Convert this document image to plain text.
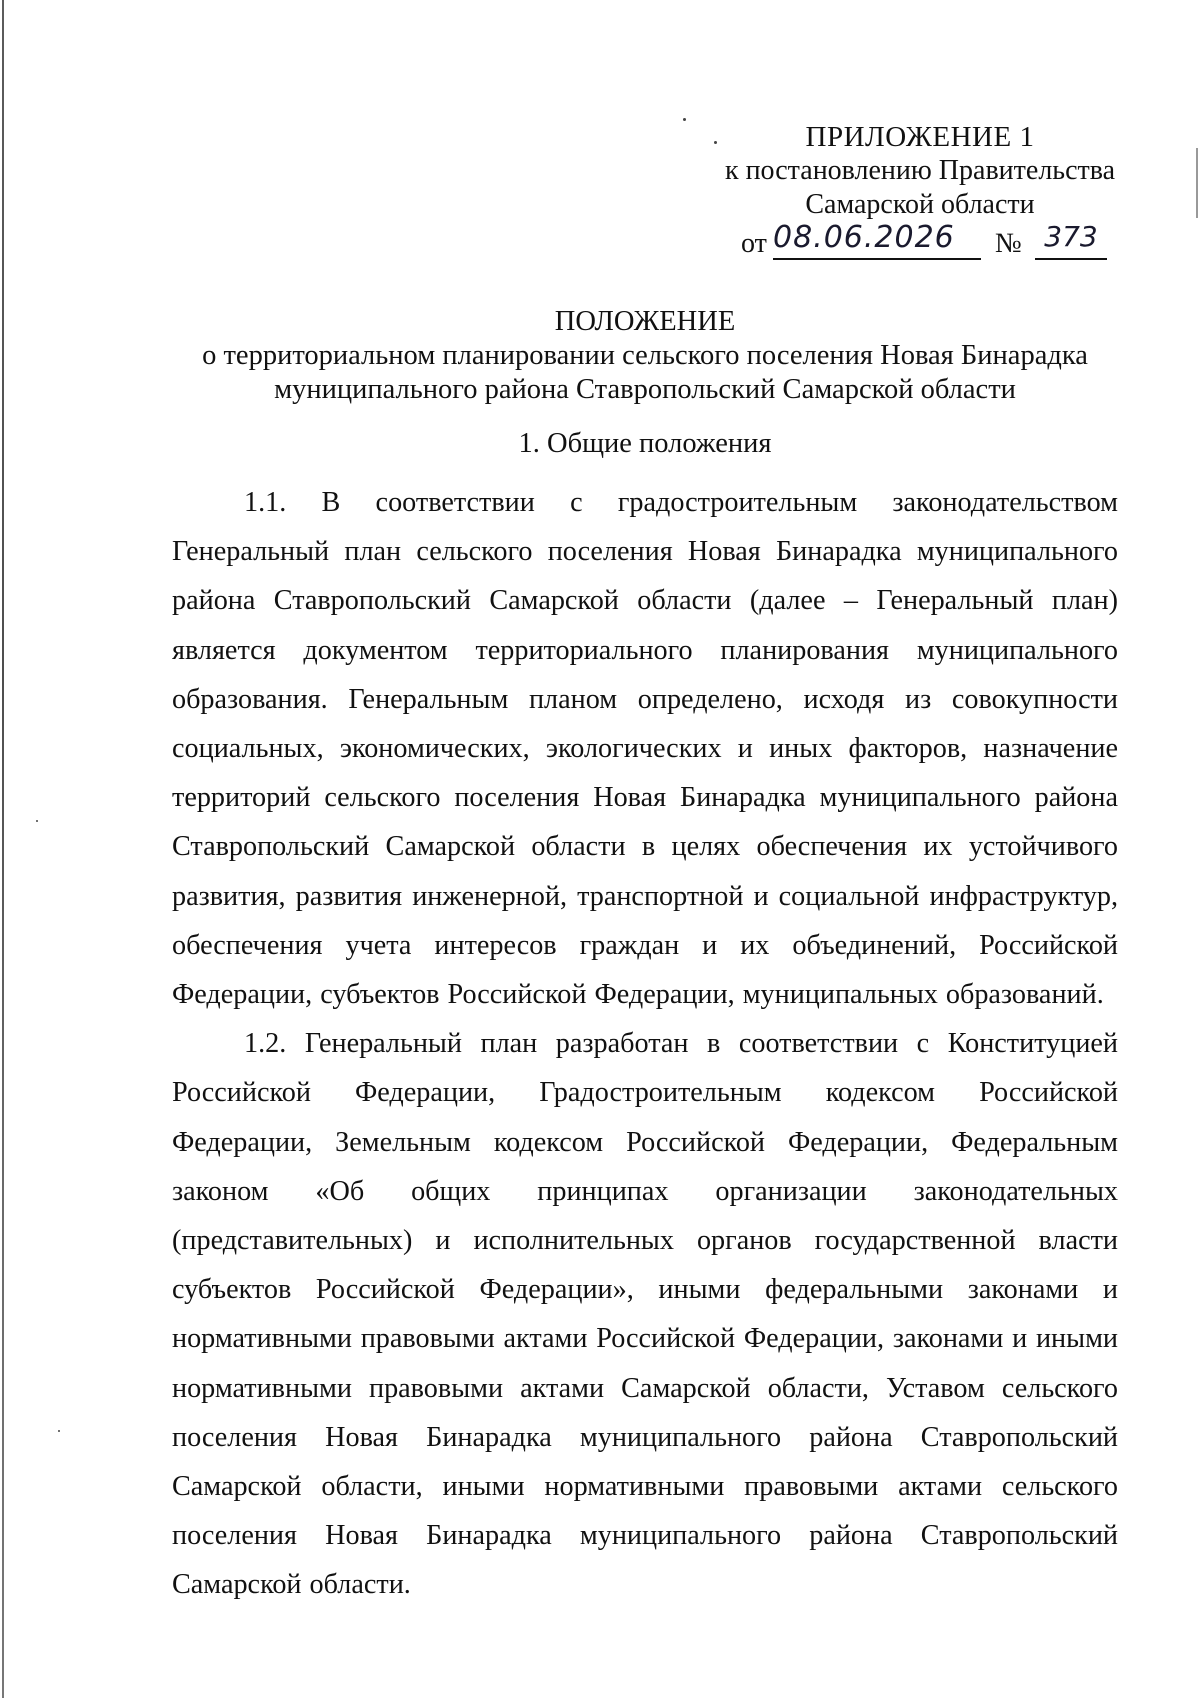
ПРИЛОЖЕНИЕ 1
к постановлению Правительства
Самарской области
от 08.06.2026	№ 373
ПОЛОЖЕНИЕ
о территориальном планировании сельского поселения Новая Бинарадка
муниципального района Ставропольский Самарской области
1. Общие положения

1.1. В соответствии с градостроительным законодательством Генеральный план сельского поселения Новая Бинарадка муниципального района Ставропольский Самарской области (далее – Генеральный план) является документом территориального планирования муниципального образования. Генеральным планом определено, исходя из совокупности социальных, экономических, экологических и иных факторов, назначение территорий сельского поселения Новая Бинарадка муниципального района Ставропольский Самарской области в целях обеспечения их устойчивого развития, развития инженерной, транспортной и социальной инфраструктур, обеспечения учета интересов граждан и их объединений, Российской Федерации, субъектов Российской Федерации, муниципальных образований.

1.2. Генеральный план разработан в соответствии с Конституцией Российской Федерации, Градостроительным кодексом Российской Федерации, Земельным кодексом Российской Федерации, Федеральным законом «Об общих принципах организации законодательных (представительных) и исполнительных органов государственной власти субъектов Российской Федерации», иными федеральными законами и нормативными правовыми актами Российской Федерации, законами и иными нормативными правовыми актами Самарской области, Уставом сельского поселения Новая Бинарадка муниципального района Ставропольский Самарской области, иными нормативными правовыми актами сельского поселения Новая Бинарадка муниципального района Ставропольский Самарской области.
